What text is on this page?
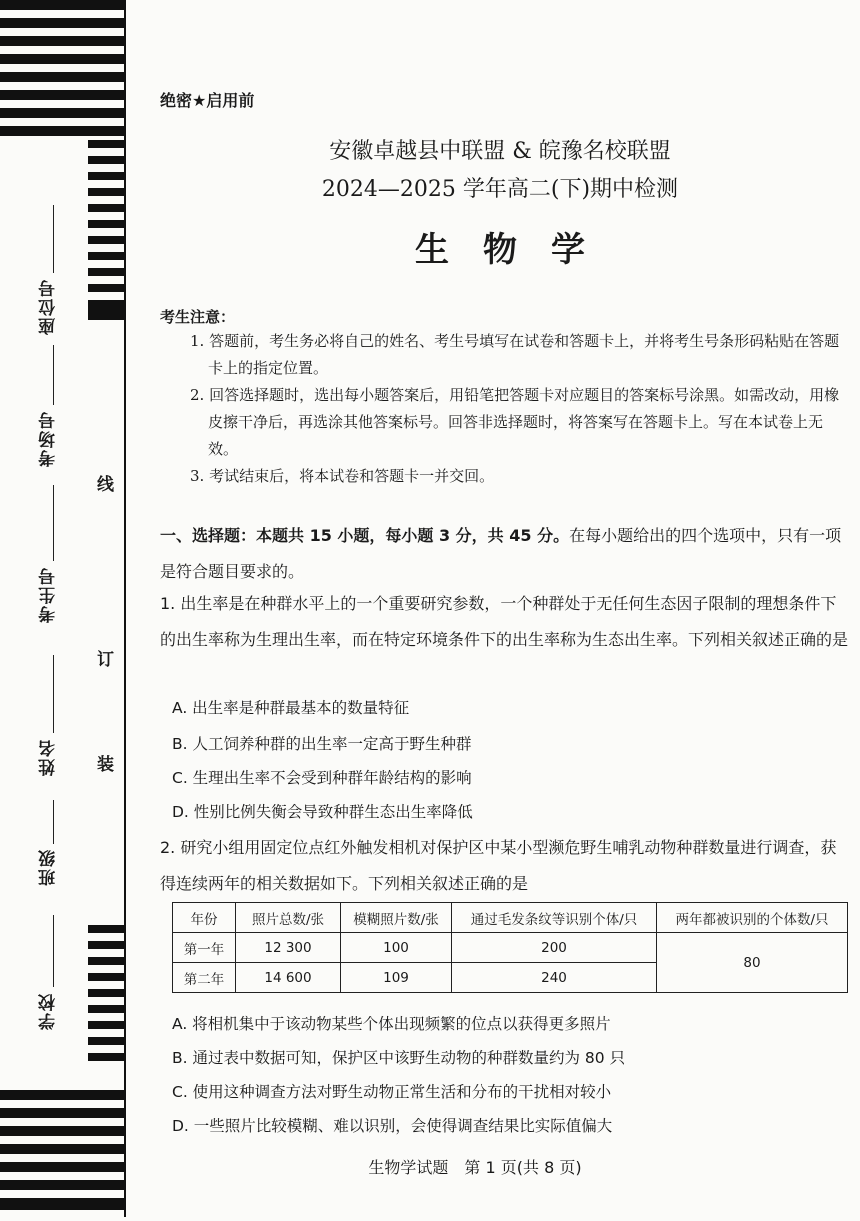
座位号
考场号
考生号
姓名
班级
学校
线
订
装
绝密★启用前
安徽卓越县中联盟 & 皖豫名校联盟
2024—2025 学年高二(下)期中检测
生物学
考生注意：
1. 答题前，考生务必将自己的姓名、考生号填写在试卷和答题卡上，并将考生号条形码粘贴在答题卡上的指定位置。
2. 回答选择题时，选出每小题答案后，用铅笔把答题卡对应题目的答案标号涂黑。如需改动，用橡皮擦干净后，再选涂其他答案标号。回答非选择题时，将答案写在答题卡上。写在本试卷上无效。
3. 考试结束后，将本试卷和答题卡一并交回。
一、选择题：本题共 15 小题，每小题 3 分，共 45 分。在每小题给出的四个选项中，只有一项是符合题目要求的。
1. 出生率是在种群水平上的一个重要研究参数，一个种群处于无任何生态因子限制的理想条件下的出生率称为生理出生率，而在特定环境条件下的出生率称为生态出生率。下列相关叙述正确的是
A. 出生率是种群最基本的数量特征
B. 人工饲养种群的出生率一定高于野生种群
C. 生理出生率不会受到种群年龄结构的影响
D. 性别比例失衡会导致种群生态出生率降低
2. 研究小组用固定位点红外触发相机对保护区中某小型濒危野生哺乳动物种群数量进行调查，获得连续两年的相关数据如下。下列相关叙述正确的是
年份	照片总数/张	模糊照片数/张	通过毛发条纹等识别个体/只	两年都被识别的个体数/只
第一年	12 300	100	200	80
第二年	14 600	109	240	
A. 将相机集中于该动物某些个体出现频繁的位点以获得更多照片
B. 通过表中数据可知，保护区中该野生动物的种群数量约为 80 只
C. 使用这种调查方法对野生动物正常生活和分布的干扰相对较小
D. 一些照片比较模糊、难以识别，会使得调查结果比实际值偏大
生物学试题　第 1 页(共 8 页)
